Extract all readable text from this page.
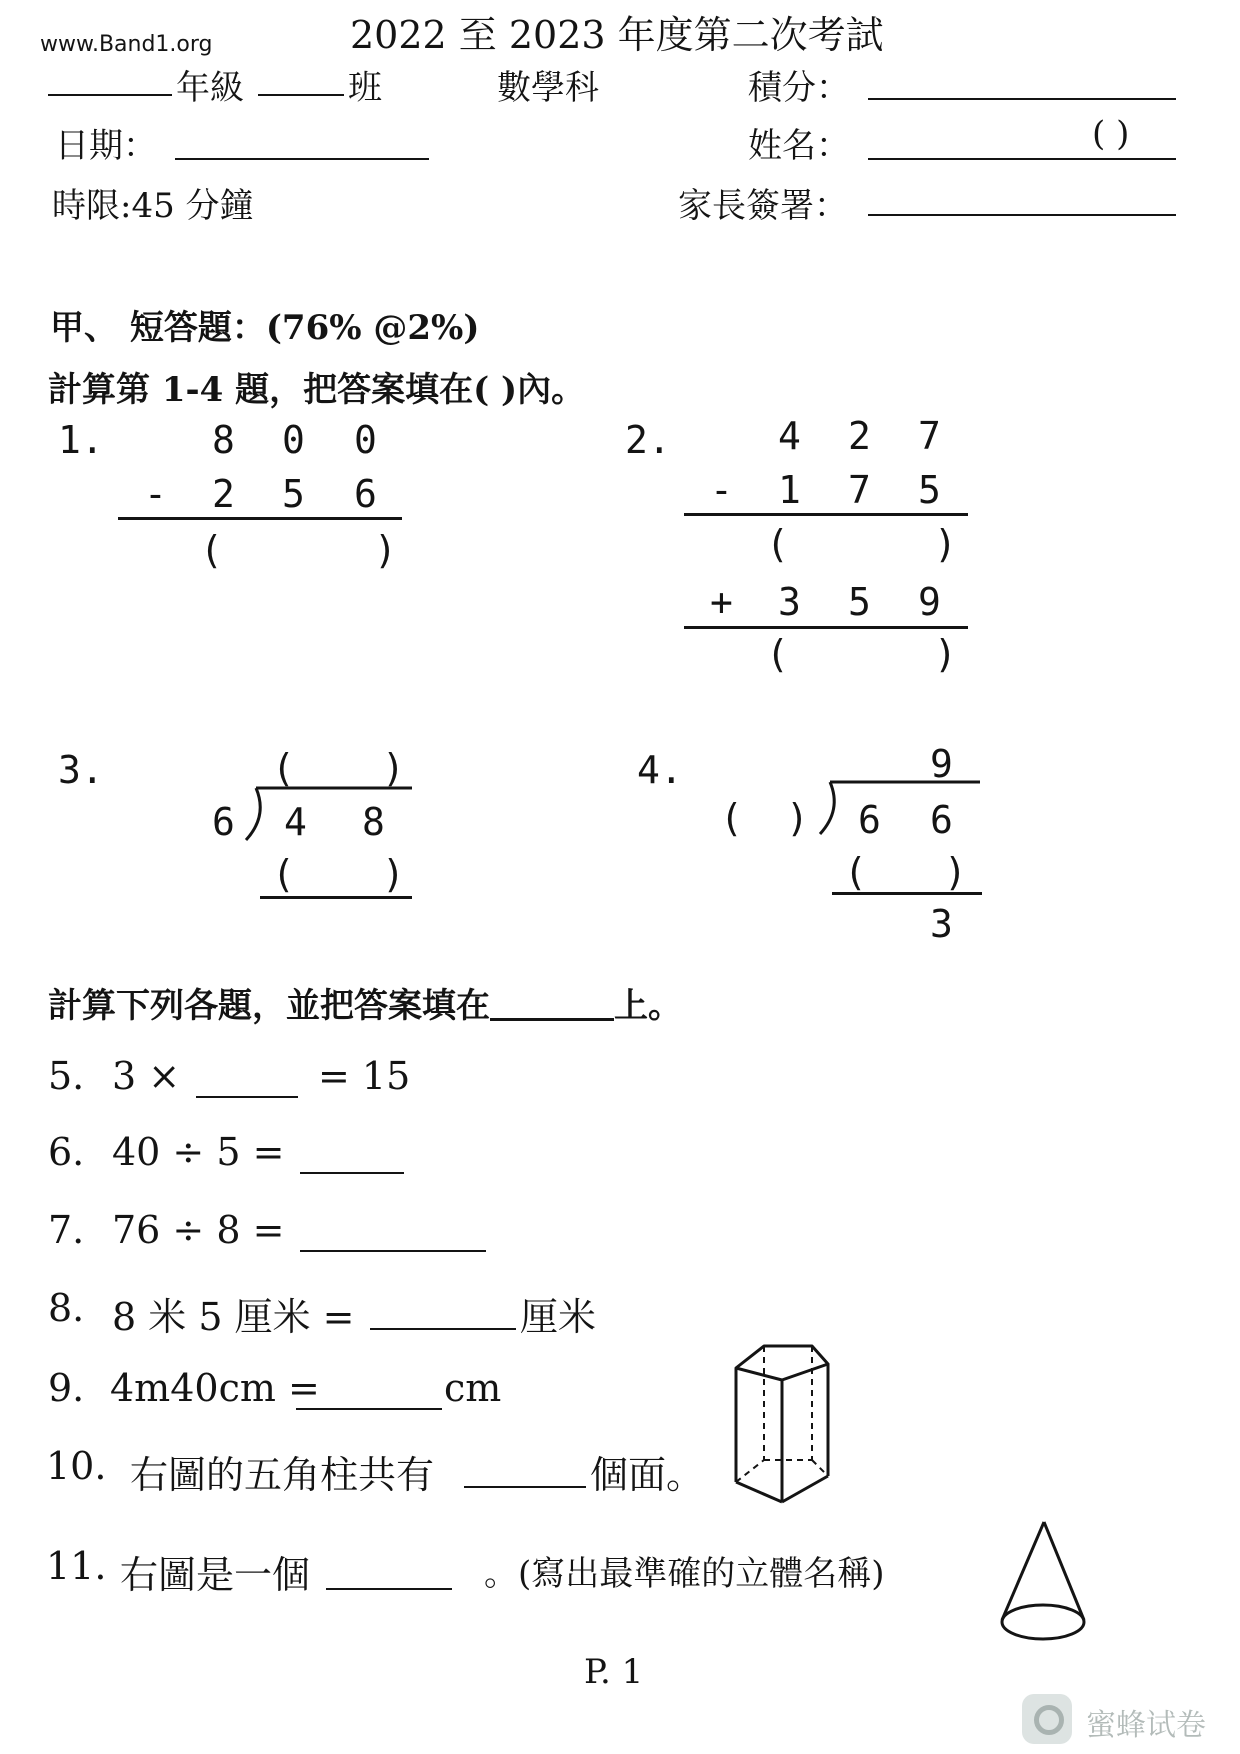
www.Band1.org	2022 至 2023 年度第二次考試
年級	班	數學科	積分：
日期：	姓名：	( )
時限:45 分鐘	家長簽署：
甲、 短答題：(76% @2%)
計算第 1-4 題，把答案填在( )內。
1.	8 0 0
- 2 5 6
(	)
2.	4 2 7
- 1 7 5
(	)
+ 3 5 9
(	)
3.	( )
6 4 8
( )
4.	9
( ) 6 6
( )
3
計算下列各題，並把答案填在	上。
5. 3 ×	= 15
6. 40 ÷ 5 =
7. 76 ÷ 8 =
8. 8 米 5 厘米 =	厘米
9. 4m40cm =	cm
10. 右圖的五角柱共有	個面。
11. 右圖是一個	。(寫出最準確的立體名稱)
P. 1
蜜蜂试卷
